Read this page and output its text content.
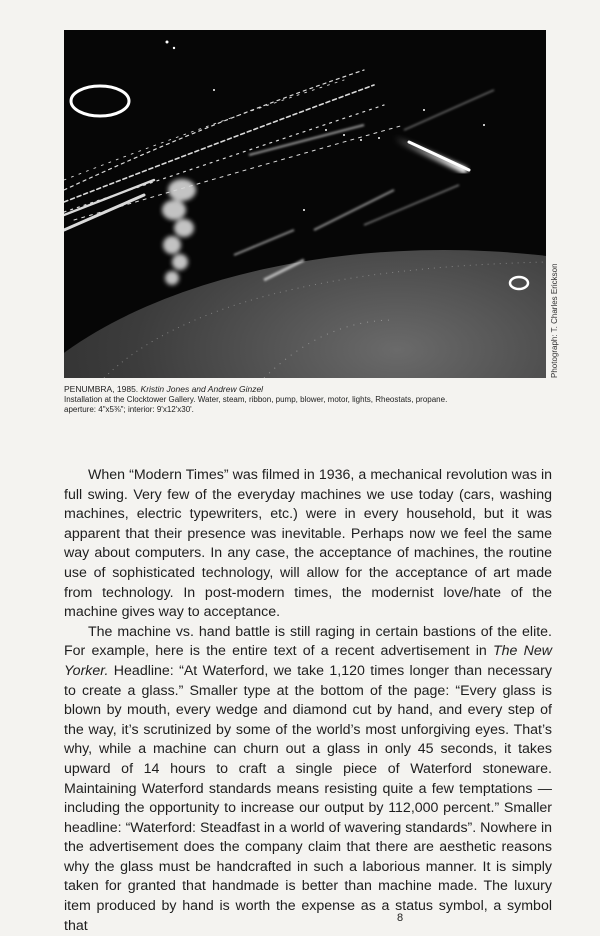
Photograph: T. Charles Erickson
PENUMBRA, 1985. Kristin Jones and Andrew Ginzel
Installation at the Clocktower Gallery. Water, steam, ribbon, pump, blower, motor, lights, Rheostats, propane.
aperture: 4"x5⅜"; interior: 9'x12'x30'.

When “Modern Times” was filmed in 1936, a mechanical revolution was in full swing. Very few of the everyday machines we use today (cars, washing machines, electric typewriters, etc.) were in every household, but it was apparent that their presence was inevitable. Perhaps now we feel the same way about computers. In any case, the acceptance of machines, the routine use of sophisticated technology, will allow for the acceptance of art made from technology. In post-modern times, the modernist love/hate of the machine gives way to acceptance.

The machine vs. hand battle is still raging in certain bastions of the elite. For example, here is the entire text of a recent advertisement in The New Yorker. Headline: “At Waterford, we take 1,120 times longer than necessary to create a glass.” Smaller type at the bottom of the page: “Every glass is blown by mouth, every wedge and diamond cut by hand, and every step of the way, it’s scrutinized by some of the world’s most unforgiving eyes. That’s why, while a machine can churn out a glass in only 45 seconds, it takes upward of 14 hours to craft a single piece of Waterford stoneware. Maintaining Waterford standards means resisting quite a few temptations — including the opportunity to increase our output by 112,000 percent.” Smaller headline: “Waterford: Steadfast in a world of wavering standards”. Nowhere in the advertisement does the company claim that there are aesthetic reasons why the glass must be handcrafted in such a laborious manner. It is simply taken for granted that handmade is better than machine made. The luxury item produced by hand is worth the expense as a status symbol, a symbol that	8
